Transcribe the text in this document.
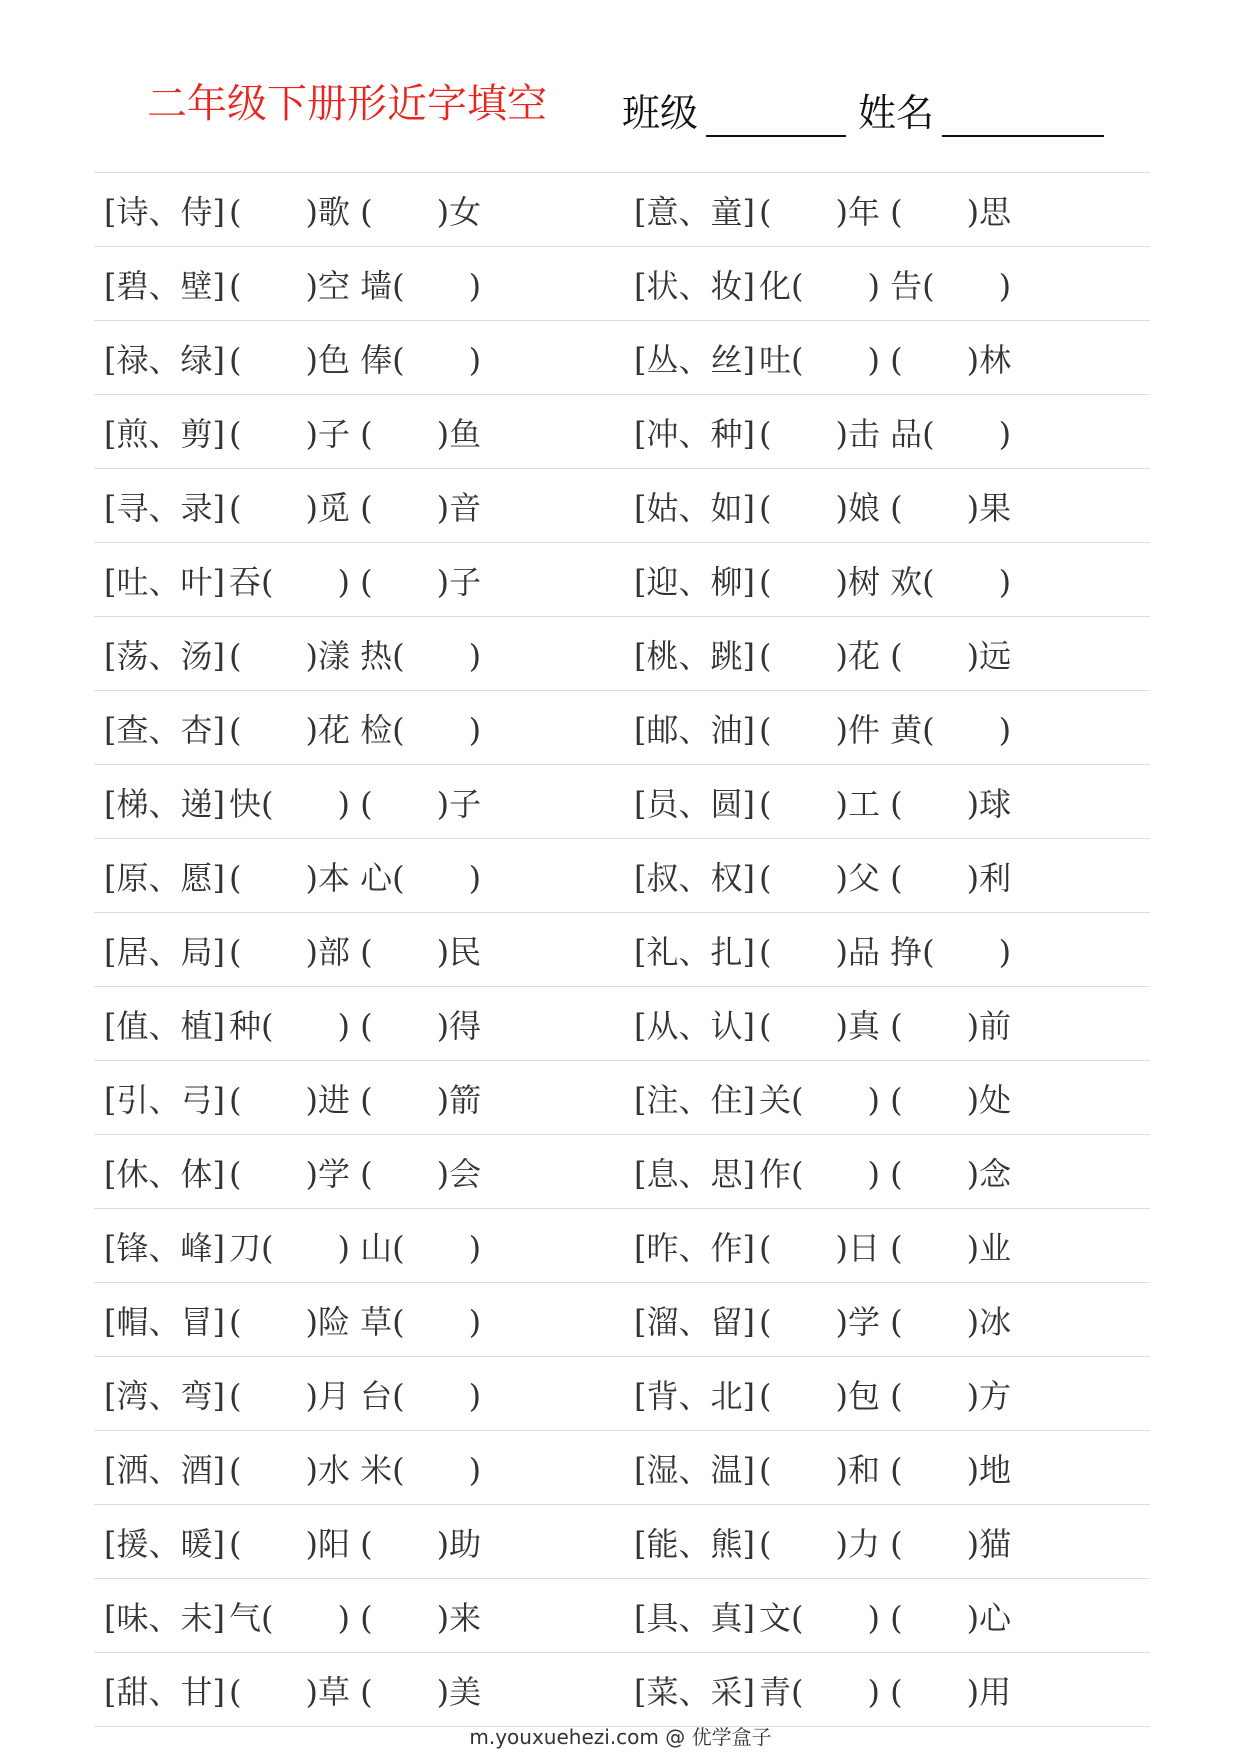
二年级下册形近字填空 班级	姓名
[诗、侍] (　　)歌 (　　)女	[意、童] (　　)年 (　　)思
[碧、壁] (　　)空 墙(　　)	[状、妆] 化(　　) 告(　　)
[禄、绿] (　　)色 俸(　　)	[丛、丝] 吐(　　) (　　)林
[煎、剪] (　　)子 (　　)鱼	[冲、种] (　　)击 品(　　)
[寻、录] (　　)觅 (　　)音	[姑、如] (　　)娘 (　　)果
[吐、叶] 吞(　　) (　　)子	[迎、柳] (　　)树 欢(　　)
[荡、汤] (　　)漾 热(　　)	[桃、跳] (　　)花 (　　)远
[查、杏] (　　)花 检(　　)	[邮、油] (　　)件 黄(　　)
[梯、递] 快(　　) (　　)子	[员、圆] (　　)工 (　　)球
[原、愿] (　　)本 心(　　)	[叔、权] (　　)父 (　　)利
[居、局] (　　)部 (　　)民	[礼、扎] (　　)品 挣(　　)
[值、植] 种(　　) (　　)得	[从、认] (　　)真 (　　)前
[引、弓] (　　)进 (　　)箭	[注、住] 关(　　) (　　)处
[休、体] (　　)学 (　　)会	[息、思] 作(　　) (　　)念
[锋、峰] 刀(　　) 山(　　)	[昨、作] (　　)日 (　　)业
[帽、冒] (　　)险 草(　　)	[溜、留] (　　)学 (　　)冰
[湾、弯] (　　)月 台(　　)	[背、北] (　　)包 (　　)方
[洒、酒] (　　)水 米(　　)	[湿、温] (　　)和 (　　)地
[援、暖] (　　)阳 (　　)助	[能、熊] (　　)力 (　　)猫
[味、未] 气(　　) (　　)来	[具、真] 文(　　) (　　)心
[甜、甘] (　　)草 (　　)美	[菜、采] 青(　　) (　　)用
m.youxuehezi.com @ 优学盒子
